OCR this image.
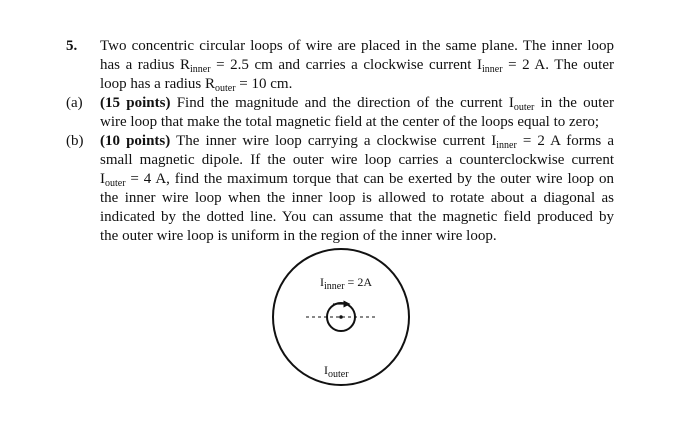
5. Two concentric circular loops of wire are placed in the same plane. The inner loop
has a radius $R_{inner} = 2.5$ cm and carries a clockwise current $I_{inner} = 2$ A. The outer
loop has a radius $R_{outer} = 10$ cm.
(a) (15 points) Find the magnitude and the direction of the current $I_{outer}$ in the outer
wire loop that make the total magnetic field at the center of the loops equal to zero;
(b) (10 points) The inner wire loop carrying a clockwise current $I_{inner} = 2$ A forms a
small magnetic dipole. If the outer wire loop carries a counterclockwise current
$I_{outer} = 4$ A, find the maximum torque that can be exerted by the outer wire loop on
the inner wire loop when the inner loop is allowed to rotate about a diagonal as
indicated by the dotted line. You can assume that the magnetic field produced by
the outer wire loop is uniform in the region of the inner wire loop.
$I_{inner} = 2A$
$I_{outer}$
